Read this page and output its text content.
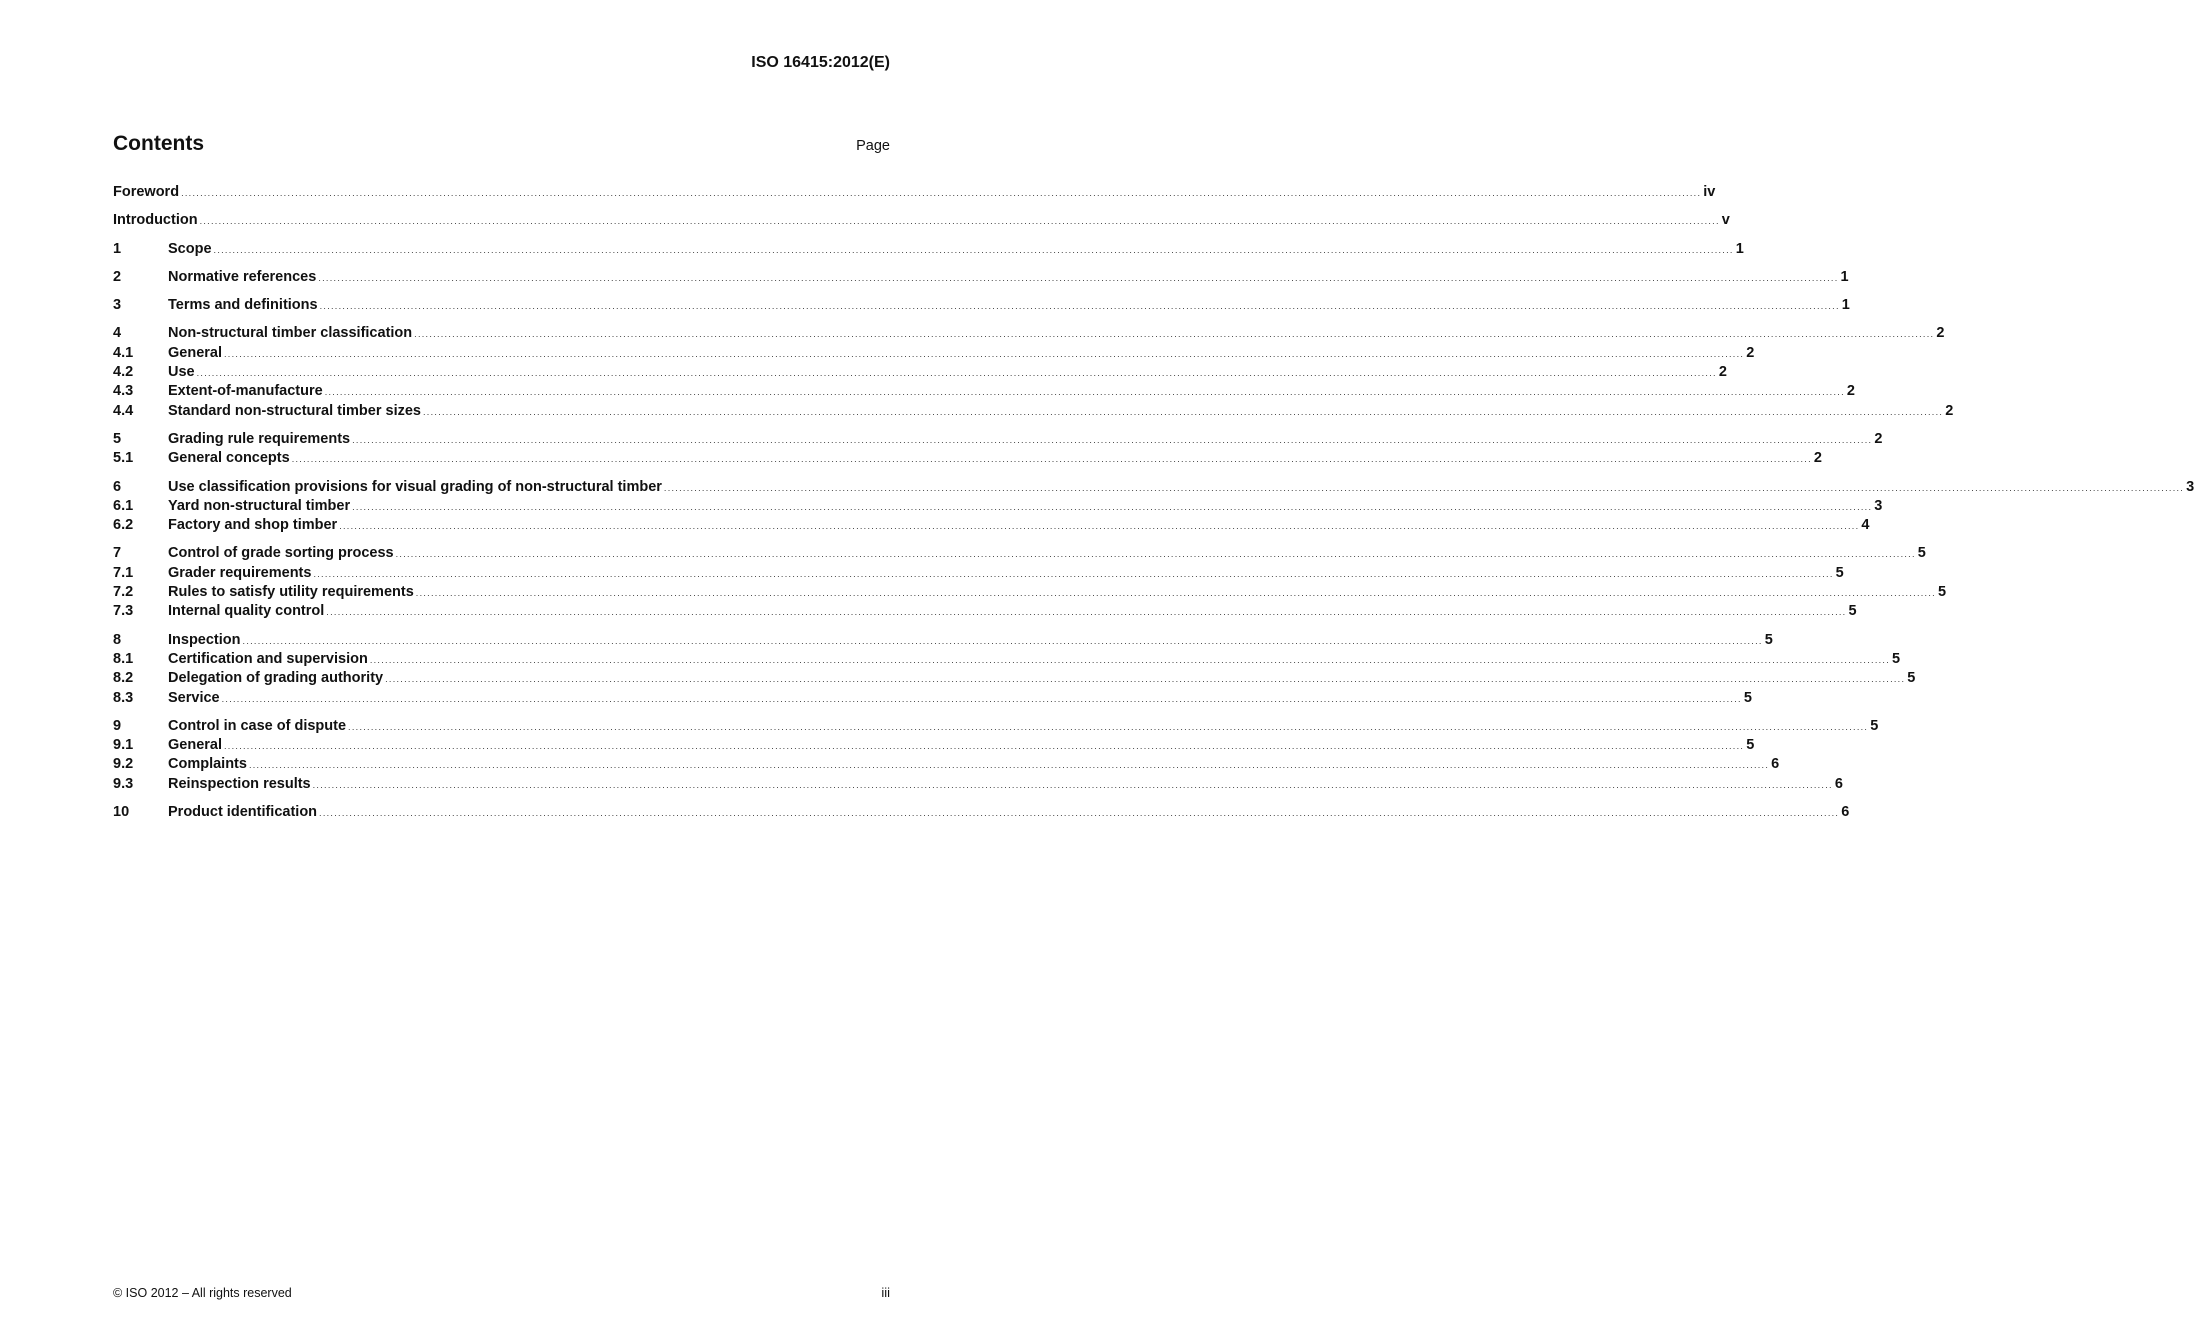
ISO 16415:2012(E)
Contents	Page
Foreword ................................................................................................................................................................................................................................................................................................................................................................................................................ iv
Introduction ................................................................................................................................................................................................................................................................................................................................................................................................................ v
1	Scope ................................................................................................................................................................................................................................................................................................................................................................................................................ 1
2	Normative references ................................................................................................................................................................................................................................................................................................................................................................................................................ 1
3	Terms and definitions ................................................................................................................................................................................................................................................................................................................................................................................................................ 1
4	Non-structural timber classification ................................................................................................................................................................................................................................................................................................................................................................................................................ 2
4.1	General ................................................................................................................................................................................................................................................................................................................................................................................................................ 2
4.2	Use ................................................................................................................................................................................................................................................................................................................................................................................................................ 2
4.3	Extent-of-manufacture ................................................................................................................................................................................................................................................................................................................................................................................................................ 2
4.4	Standard non-structural timber sizes ................................................................................................................................................................................................................................................................................................................................................................................................................ 2
5	Grading rule requirements ................................................................................................................................................................................................................................................................................................................................................................................................................ 2
5.1	General concepts ................................................................................................................................................................................................................................................................................................................................................................................................................ 2
6	Use classification provisions for visual grading of non-structural timber ................................................................................................................................................................................................................................................................................................................................................................................................................ 3
6.1	Yard non-structural timber ................................................................................................................................................................................................................................................................................................................................................................................................................ 3
6.2	Factory and shop timber ................................................................................................................................................................................................................................................................................................................................................................................................................ 4
7	Control of grade sorting process ................................................................................................................................................................................................................................................................................................................................................................................................................ 5
7.1	Grader requirements ................................................................................................................................................................................................................................................................................................................................................................................................................ 5
7.2	Rules to satisfy utility requirements ................................................................................................................................................................................................................................................................................................................................................................................................................ 5
7.3	Internal quality control ................................................................................................................................................................................................................................................................................................................................................................................................................ 5
8	Inspection ................................................................................................................................................................................................................................................................................................................................................................................................................ 5
8.1	Certification and supervision ................................................................................................................................................................................................................................................................................................................................................................................................................ 5
8.2	Delegation of grading authority ................................................................................................................................................................................................................................................................................................................................................................................................................ 5
8.3	Service ................................................................................................................................................................................................................................................................................................................................................................................................................ 5
9	Control in case of dispute ................................................................................................................................................................................................................................................................................................................................................................................................................ 5
9.1	General ................................................................................................................................................................................................................................................................................................................................................................................................................ 5
9.2	Complaints ................................................................................................................................................................................................................................................................................................................................................................................................................ 6
9.3	Reinspection results ................................................................................................................................................................................................................................................................................................................................................................................................................ 6
10	Product identification ................................................................................................................................................................................................................................................................................................................................................................................................................ 6
© ISO 2012 – All rights reserved	iii
